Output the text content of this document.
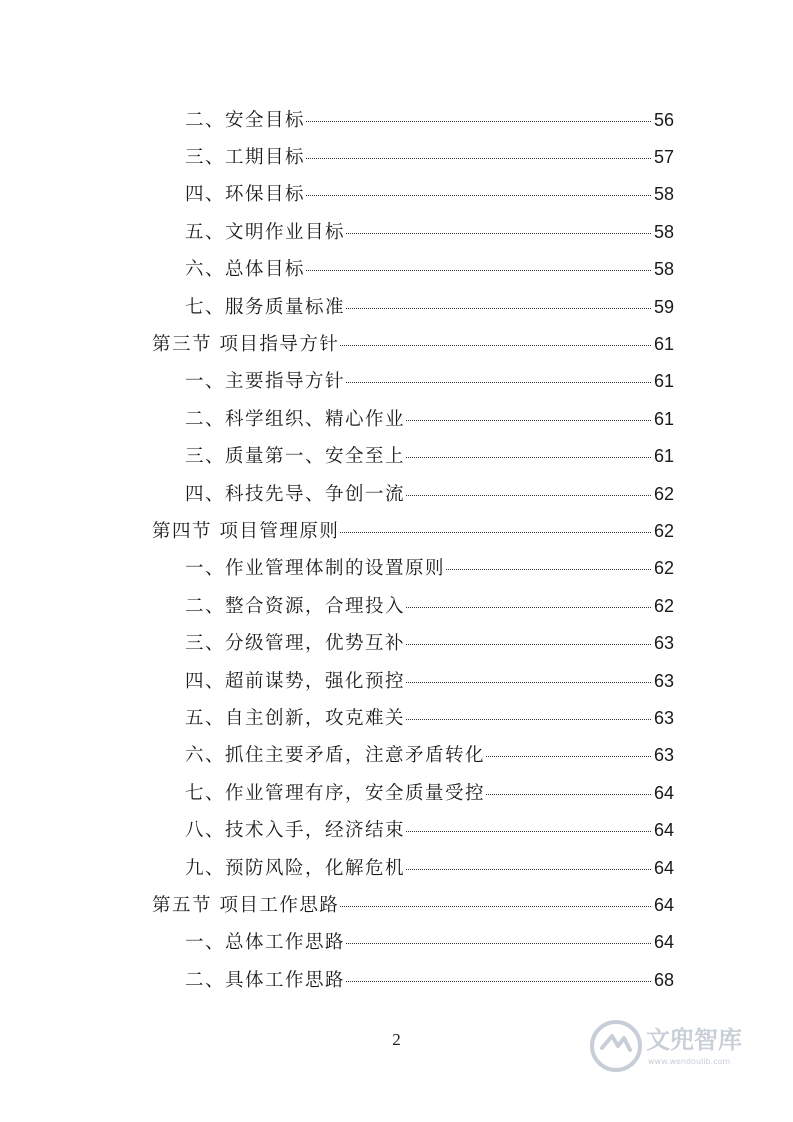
二、安全目标	56
三、工期目标	57
四、环保目标	58
五、文明作业目标	58
六、总体目标	58
七、服务质量标准	59
第三节 项目指导方针	61
一、主要指导方针	61
二、科学组织、精心作业	61
三、质量第一、安全至上	61
四、科技先导、争创一流	62
第四节 项目管理原则	62
一、作业管理体制的设置原则	62
二、整合资源，合理投入	62
三、分级管理，优势互补	63
四、超前谋势，强化预控	63
五、自主创新，攻克难关	63
六、抓住主要矛盾，注意矛盾转化	63
七、作业管理有序，安全质量受控	64
八、技术入手，经济结束	64
九、预防风险，化解危机	64
第五节 项目工作思路	64
一、总体工作思路	64
二、具体工作思路	68
2	文兜智库
www.wendoulib.com
